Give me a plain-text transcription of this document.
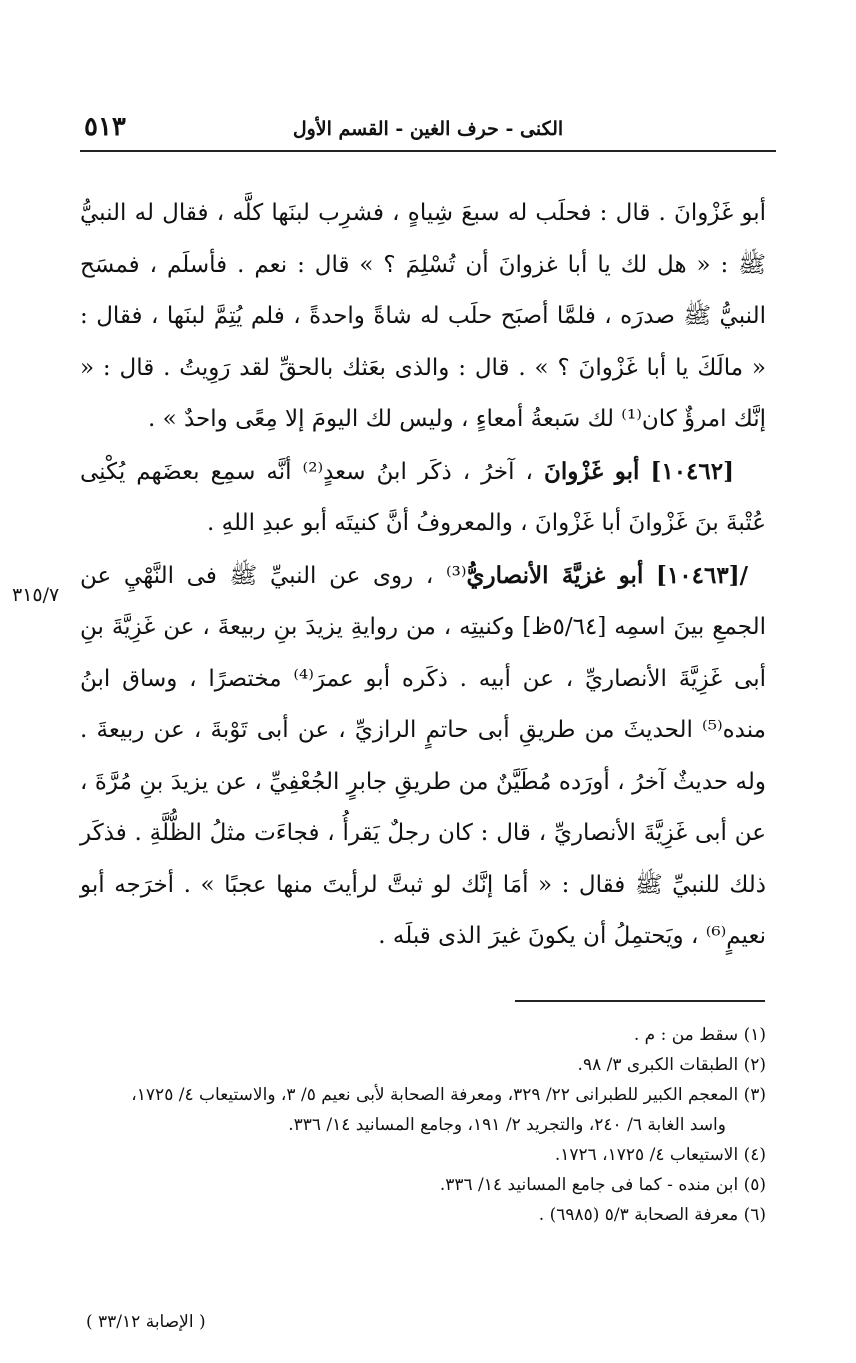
٥١٣	الكنى - حرف الغين - القسم الأول

أبو غَزْوانَ . قال : فحلَب له سبعَ شِياهٍ ، فشرِب لبنَها كلَّه ، فقال له النبيُّ ﷺ : « هل لك يا أبا غزوانَ أن تُسْلِمَ ؟ » قال : نعم . فأسلَم ، فمسَح النبيُّ ﷺ صدرَه ، فلمَّا أصبَح حلَب له شاةً واحدةً ، فلم يُتِمَّ لبنَها ، فقال : « مالَكَ يا أبا غَزْوانَ ؟ » . قال : والذى بعَثك بالحقِّ لقد رَوِيتُ . قال : « إنَّك امرؤٌ كان⁽¹⁾ لك سَبعةُ أمعاءٍ ، وليس لك اليومَ إلا مِعًى واحدٌ » .

[١٠٤٦٢] أبو غَزْوانَ ، آخرُ ، ذكَر ابنُ سعدٍ⁽²⁾ أنَّه سمِع بعضَهم يُكْنِى عُتْبةَ بنَ غَزْوانَ أبا غَزْوانَ ، والمعروفُ أنَّ كنيتَه أبو عبدِ اللهِ .

/[١٠٤٦٣] أبو غزيَّةَ الأنصاريُّ⁽³⁾ ، روى عن النبيِّ ﷺ فى النَّهْيِ عن الجمعِ بينَ اسمِه [٥/٦٤ظ] وكنيتِه ، من روايةِ يزيدَ بنِ ربيعةَ ، عن غَزِيَّةَ بنِ أبى غَزِيَّةَ الأنصاريِّ ، عن أبيه . ذكَره أبو عمرَ⁽⁴⁾ مختصرًا ، وساق ابنُ منده⁽⁵⁾ الحديثَ من طريقِ أبى حاتمٍ الرازيِّ ، عن أبى تَوْبةَ ، عن ربيعةَ . وله حديثٌ آخرُ ، أورَده مُطَيَّنٌ من طريقِ جابرٍ الجُعْفِيِّ ، عن يزيدَ بنِ مُرَّةَ ، عن أبى غَزِيَّةَ الأنصاريِّ ، قال : كان رجلٌ يَقرأُ ، فجاءَت مثلُ الظُّلَّةِ . فذكَر ذلك للنبيِّ ﷺ فقال : « أمَا إنَّك لو ثبتَّ لرأيتَ منها عجبًا » . أخرَجه أبو نعيمٍ⁽⁶⁾ ، ويَحتمِلُ أن يكونَ غيرَ الذى قبلَه .

٣١٥/٧

(١) سقط من : م .

(٢) الطبقات الكبرى ٣/ ٩٨.

(٣) المعجم الكبير للطبرانى ٢٢/ ٣٢٩، ومعرفة الصحابة لأبى نعيم ٥/ ٣، والاستيعاب ٤/ ١٧٢٥،

واسد الغابة ٦/ ٢٤٠، والتجريد ٢/ ١٩١، وجامع المسانيد ١٤/ ٣٣٦.

(٤) الاستيعاب ٤/ ١٧٢٥، ١٧٢٦.

(٥) ابن منده - كما فى جامع المسانيد ١٤/ ٣٣٦.

(٦) معرفة الصحابة ٥/٣ (٦٩٨٥) .

( الإصابة ٣٣/١٢ )
